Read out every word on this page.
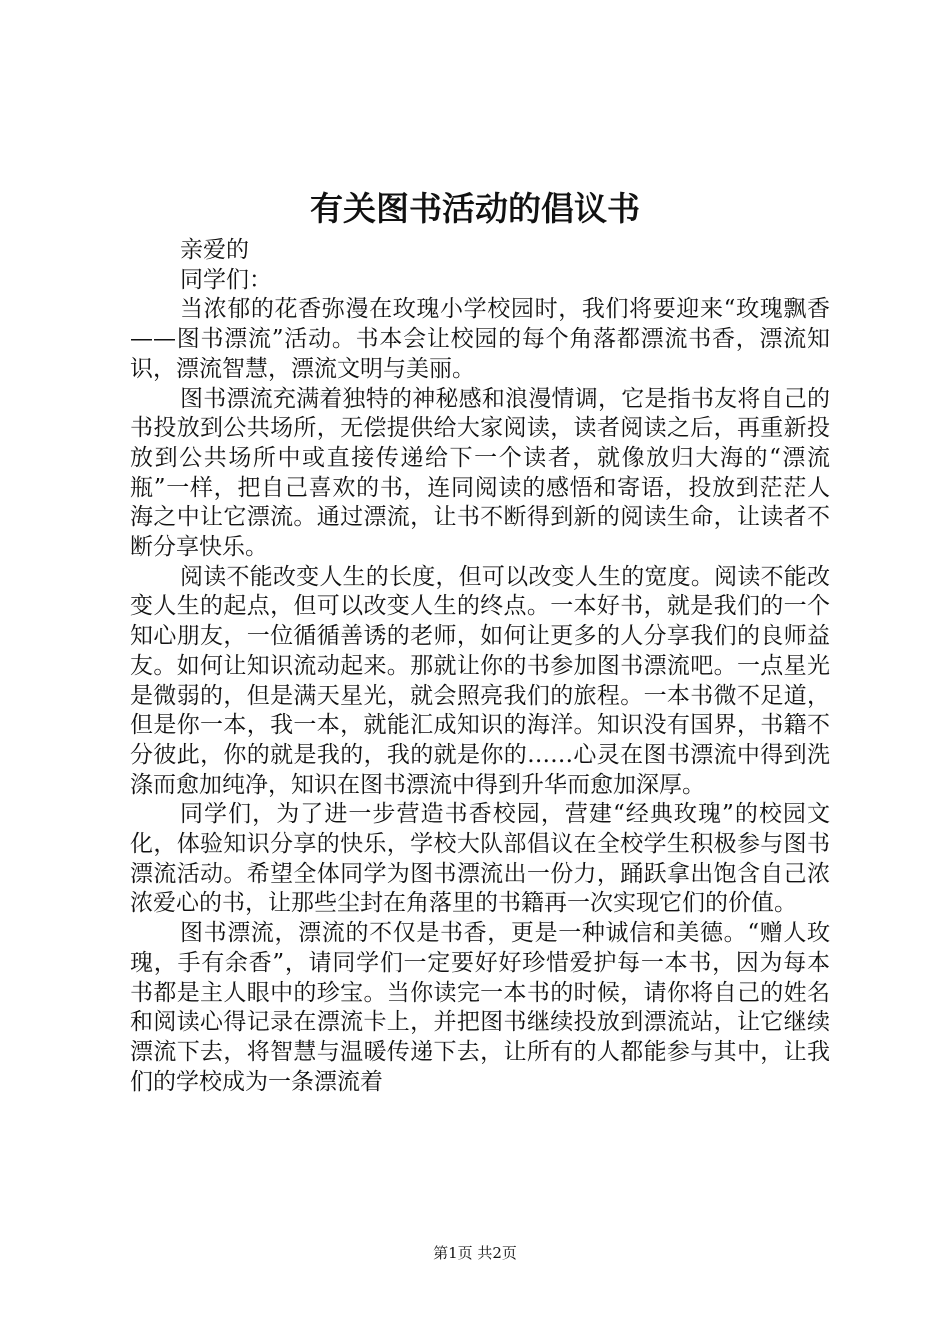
有关图书活动的倡议书

亲爱的

同学们：

当浓郁的花香弥漫在玫瑰小学校园时，我们将要迎来“玫瑰飘香——图书漂流”活动。书本会让校园的每个角落都漂流书香，漂流知识，漂流智慧，漂流文明与美丽。

图书漂流充满着独特的神秘感和浪漫情调，它是指书友将自己的书投放到公共场所，无偿提供给大家阅读，读者阅读之后，再重新投放到公共场所中或直接传递给下一个读者，就像放归大海的“漂流瓶”一样，把自己喜欢的书，连同阅读的感悟和寄语，投放到茫茫人海之中让它漂流。通过漂流，让书不断得到新的阅读生命，让读者不断分享快乐。

阅读不能改变人生的长度，但可以改变人生的宽度。阅读不能改变人生的起点，但可以改变人生的终点。一本好书，就是我们的一个知心朋友，一位循循善诱的老师，如何让更多的人分享我们的良师益友。如何让知识流动起来。那就让你的书参加图书漂流吧。一点星光是微弱的，但是满天星光，就会照亮我们的旅程。一本书微不足道，但是你一本，我一本，就能汇成知识的海洋。知识没有国界，书籍不分彼此，你的就是我的，我的就是你的……心灵在图书漂流中得到洗涤而愈加纯净，知识在图书漂流中得到升华而愈加深厚。

同学们，为了进一步营造书香校园，营建“经典玫瑰”的校园文化，体验知识分享的快乐，学校大队部倡议在全校学生积极参与图书漂流活动。希望全体同学为图书漂流出一份力，踊跃拿出饱含自己浓浓爱心的书，让那些尘封在角落里的书籍再一次实现它们的价值。

图书漂流，漂流的不仅是书香，更是一种诚信和美德。“赠人玫瑰，手有余香”，请同学们一定要好好珍惜爱护每一本书，因为每本书都是主人眼中的珍宝。当你读完一本书的时候，请你将自己的姓名和阅读心得记录在漂流卡上，并把图书继续投放到漂流站，让它继续漂流下去，将智慧与温暖传递下去，让所有的人都能参与其中，让我们的学校成为一条漂流着

第1页 共2页
